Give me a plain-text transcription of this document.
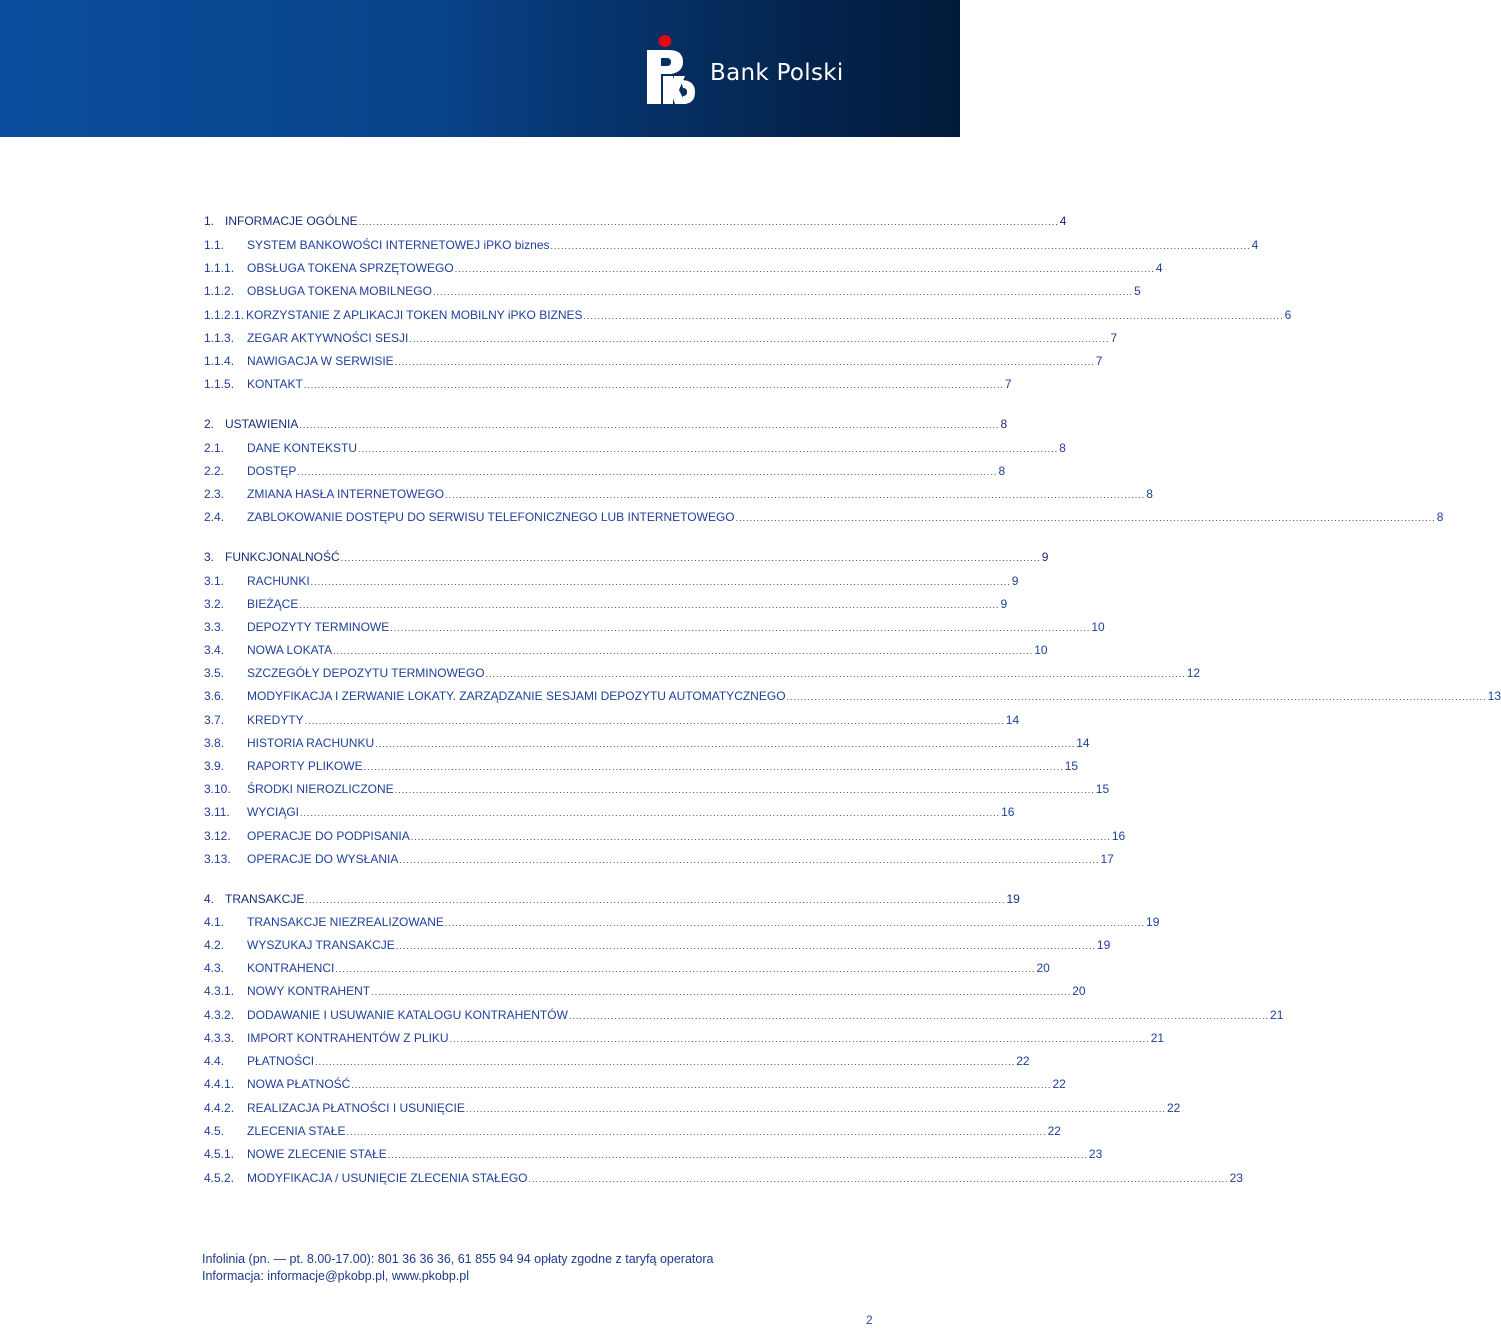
Bank Polski
1. INFORMACJE OGÓLNE ........................................................................................................................................................................................................ 4
1.1.	SYSTEM BANKOWOŚCI INTERNETOWEJ iPKO biznes ........................................................................................................................................................................................................ 4
1.1.1.	OBSŁUGA TOKENA SPRZĘTOWEGO ........................................................................................................................................................................................................ 4
1.1.2.	OBSŁUGA TOKENA MOBILNEGO ........................................................................................................................................................................................................ 5
1.1.2.1. KORZYSTANIE Z APLIKACJI TOKEN MOBILNY iPKO BIZNES ........................................................................................................................................................................................................ 6
1.1.3.	ZEGAR AKTYWNOŚCI SESJI ........................................................................................................................................................................................................ 7
1.1.4.	NAWIGACJA W SERWISIE ........................................................................................................................................................................................................ 7
1.1.5.	KONTAKT ........................................................................................................................................................................................................ 7
2. USTAWIENIA ........................................................................................................................................................................................................ 8
2.1.	DANE KONTEKSTU ........................................................................................................................................................................................................ 8
2.2.	DOSTĘP ........................................................................................................................................................................................................ 8
2.3.	ZMIANA HASŁA INTERNETOWEGO ........................................................................................................................................................................................................ 8
2.4.	ZABLOKOWANIE DOSTĘPU DO SERWISU TELEFONICZNEGO LUB INTERNETOWEGO ........................................................................................................................................................................................................ 8
3. FUNKCJONALNOŚĆ ........................................................................................................................................................................................................ 9
3.1.	RACHUNKI ........................................................................................................................................................................................................ 9
3.2.	BIEŻĄCE ........................................................................................................................................................................................................ 9
3.3.	DEPOZYTY TERMINOWE ........................................................................................................................................................................................................ 10
3.4.	NOWA LOKATA ........................................................................................................................................................................................................ 10
3.5.	SZCZEGÓŁY DEPOZYTU TERMINOWEGO ........................................................................................................................................................................................................ 12
3.6.	MODYFIKACJA I ZERWANIE LOKATY. ZARZĄDZANIE SESJAMI DEPOZYTU AUTOMATYCZNEGO ........................................................................................................................................................................................................ 13
3.7.	KREDYTY ........................................................................................................................................................................................................ 14
3.8.	HISTORIA RACHUNKU ........................................................................................................................................................................................................ 14
3.9.	RAPORTY PLIKOWE ........................................................................................................................................................................................................ 15
3.10.	ŚRODKI NIEROZLICZONE ........................................................................................................................................................................................................ 15
3.11.	WYCIĄGI ........................................................................................................................................................................................................ 16
3.12.	OPERACJE DO PODPISANIA ........................................................................................................................................................................................................ 16
3.13.	OPERACJE DO WYSŁANIA ........................................................................................................................................................................................................ 17
4. TRANSAKCJE ........................................................................................................................................................................................................ 19
4.1.	TRANSAKCJE NIEZREALIZOWANE ........................................................................................................................................................................................................ 19
4.2.	WYSZUKAJ TRANSAKCJE ........................................................................................................................................................................................................ 19
4.3.	KONTRAHENCI ........................................................................................................................................................................................................ 20
4.3.1.	NOWY KONTRAHENT ........................................................................................................................................................................................................ 20
4.3.2.	DODAWANIE I USUWANIE KATALOGU KONTRAHENTÓW ........................................................................................................................................................................................................ 21
4.3.3.	IMPORT KONTRAHENTÓW Z PLIKU ........................................................................................................................................................................................................ 21
4.4.	PŁATNOŚCI ........................................................................................................................................................................................................ 22
4.4.1.	NOWA PŁATNOŚĆ ........................................................................................................................................................................................................ 22
4.4.2.	REALIZACJA PŁATNOŚCI I USUNIĘCIE ........................................................................................................................................................................................................ 22
4.5.	ZLECENIA STAŁE ........................................................................................................................................................................................................ 22
4.5.1.	NOWE ZLECENIE STAŁE ........................................................................................................................................................................................................ 23
4.5.2.	MODYFIKACJA / USUNIĘCIE ZLECENIA STAŁEGO ........................................................................................................................................................................................................ 23
Infolinia (pn. — pt. 8.00-17.00): 801 36 36 36, 61 855 94 94 opłaty zgodne z taryfą operatora
Informacja: informacje@pkobp.pl, www.pkobp.pl
2
